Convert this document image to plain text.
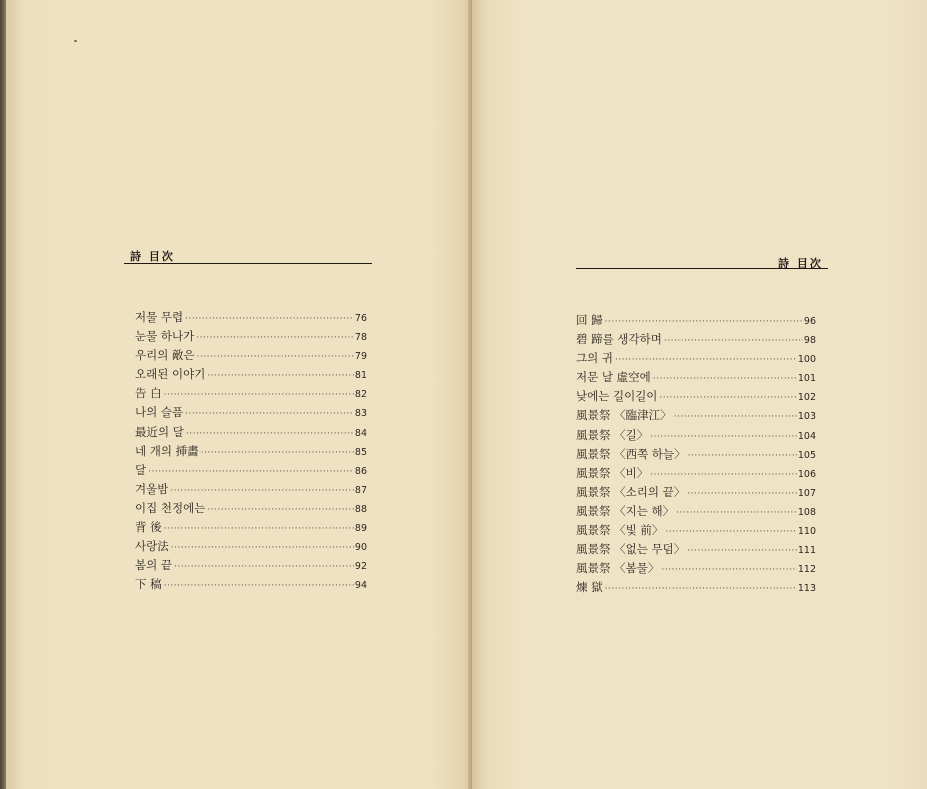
詩 目次
저물 무렵 ·····	76
눈물 하나가 ·····	78
우리의 敵은 ·····	79
오래된 이야기 ·····	81
告 白 ·····	82
나의 슬픔 ·····	83
最近의 달 ·····	84
네 개의 挿畵 ·····	85
달 ·····	86
겨울밤 ·····	87
이집 천정에는 ·····	88
背 後 ·····	89
사랑法 ·····	90
봄의 끝 ·····	92
下 稿 ·····	94
詩 目次
回 歸 ·····	96
碧 蹄를 생각하며 ·····	98
그의 귀 ·····	100
저문 날 虛空에 ·····	101
낮에는 길이길이 ·····	102
風景祭 〈臨津江〉 ·····	103
風景祭 〈길〉 ·····	104
風景祭 〈西쪽 하늘〉 ·····	105
風景祭 〈비〉 ·····	106
風景祭 〈소리의 끝〉 ·····	107
風景祭 〈지는 해〉 ·····	108
風景祭 〈빛 前〉 ·····	110
風景祭 〈없는 무덤〉 ·····	111
風景祭 〈봄물〉 ·····	112
煉 獄 ·····	113
